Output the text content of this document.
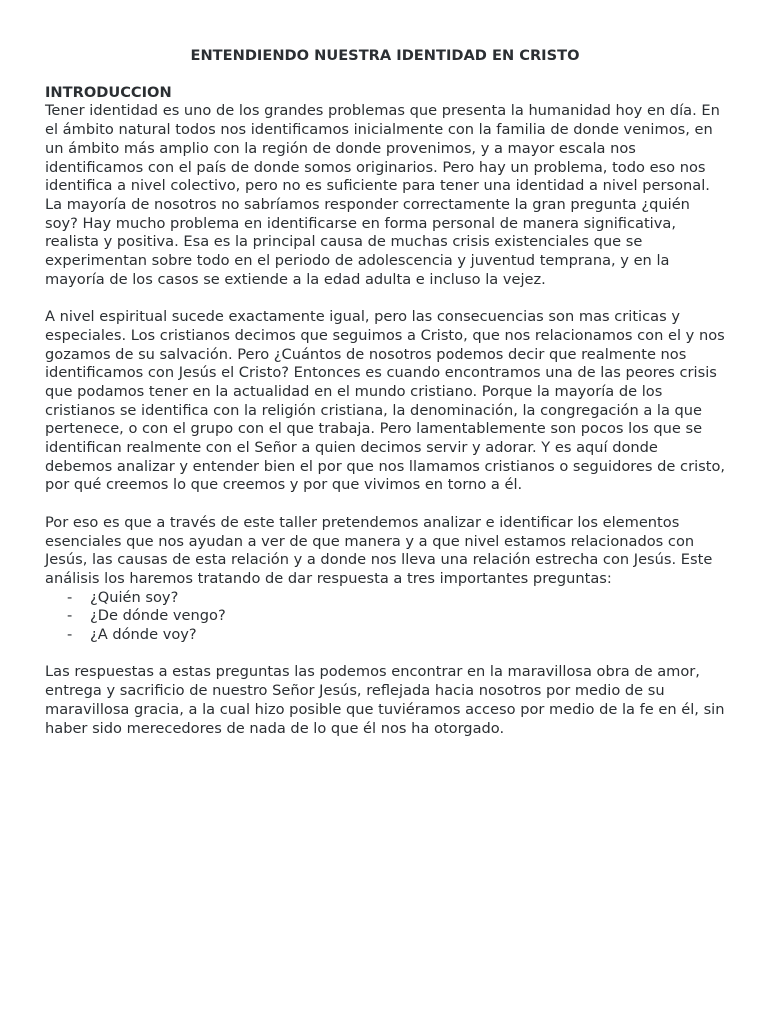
ENTENDIENDO NUESTRA IDENTIDAD EN CRISTO

INTRODUCCION

Tener identidad es uno de los grandes problemas que presenta la humanidad hoy en día. En el ámbito natural todos nos identificamos inicialmente con la familia de donde venimos, en un ámbito más amplio con la región de donde provenimos, y a mayor escala nos identificamos con el país de donde somos originarios. Pero hay un problema, todo eso nos identifica a nivel colectivo, pero no es suficiente para tener una identidad a nivel personal. La mayoría de nosotros no sabríamos responder correctamente la gran pregunta ¿quién soy? Hay mucho problema en identificarse en forma personal de manera significativa, realista y positiva. Esa es la principal causa de muchas crisis existenciales que se experimentan sobre todo en el periodo de adolescencia y juventud temprana, y en la mayoría de los casos se extiende a la edad adulta e incluso la vejez.

A nivel espiritual sucede exactamente igual, pero las consecuencias son mas criticas y especiales. Los cristianos decimos que seguimos a Cristo, que nos relacionamos con el y nos gozamos de su salvación. Pero ¿Cuántos de nosotros podemos decir que realmente nos identificamos con Jesús el Cristo? Entonces es cuando encontramos una de las peores crisis que podamos tener en la actualidad en el mundo cristiano. Porque la mayoría de los cristianos se identifica con la religión cristiana, la denominación, la congregación a la que pertenece, o con el grupo con el que trabaja. Pero lamentablemente son pocos los que se identifican realmente con el Señor a quien decimos servir y adorar. Y es aquí donde debemos analizar y entender bien el por que nos llamamos cristianos o seguidores de cristo, por qué creemos lo que creemos y por que vivimos en torno a él.

Por eso es que a través de este taller pretendemos analizar e identificar los elementos esenciales que nos ayudan a ver de que manera y a que nivel estamos relacionados con Jesús, las causas de esta relación y a donde nos lleva una relación estrecha con Jesús. Este análisis los haremos tratando de dar respuesta a tres importantes preguntas:

- ¿Quién soy?
- ¿De dónde vengo?
- ¿A dónde voy?

Las respuestas a estas preguntas las podemos encontrar en la maravillosa obra de amor, entrega y sacrificio de nuestro Señor Jesús, reflejada hacia nosotros por medio de su maravillosa gracia, a la cual hizo posible que tuviéramos acceso por medio de la fe en él, sin haber sido merecedores de nada de lo que él nos ha otorgado.
